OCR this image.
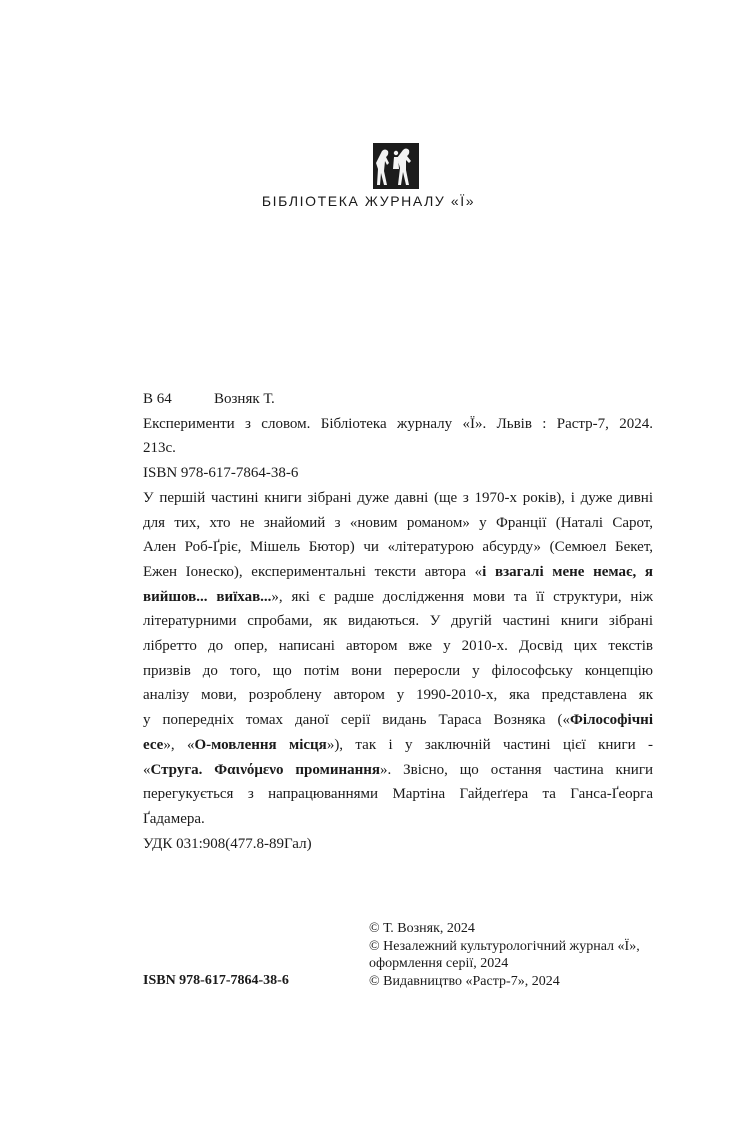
БІБЛІОТЕКА ЖУРНАЛУ «Ї»
В 64	Возняк Т.
Експерименти з словом. Бібліотека журналу «Ї». Львів : Растр-7, 2024.
213с.
ISBN 978-617-7864-38-6
У першій частині книги зібрані дуже давні (ще з 1970-х років), і дуже дивні
для тих, хто не знайомий з «новим романом» у Франції (Наталі Сарот,
Ален Роб-Ґріє, Мішель Бютор) чи «літературою абсурду» (Семюел Бекет,
Ежен Іонеско), експериментальні тексти автора «і взагалі мене немає, я
вийшов... виїхав...», які є радше дослідження мови та її структури, ніж
літературними спробами, як видаються. У другій частині книги зібрані
лібретто до опер, написані автором вже у 2010-х. Досвід цих текстів
призвів до того, що потім вони переросли у філософську концепцію
аналізу мови, розроблену автором у 1990-2010-х, яка представлена як
у попередніх томах даної серії видань Тараса Возняка («Філософічні
есе», «О-мовлення місця»), так і у заключній частині цієї книги -
«Струга. Фαινόμενο проминання». Звісно, що остання частина книги
перегукується з напрацюваннями Мартіна Гайдеґґера та Ганса-Ґеорга
Ґадамера.
УДК 031:908(477.8-89Гал)
ISBN 978-617-7864-38-6
© Т. Возняк, 2024
© Незалежний культурологічний журнал «Ї»,
оформлення серії, 2024
© Видавництво «Растр-7», 2024
